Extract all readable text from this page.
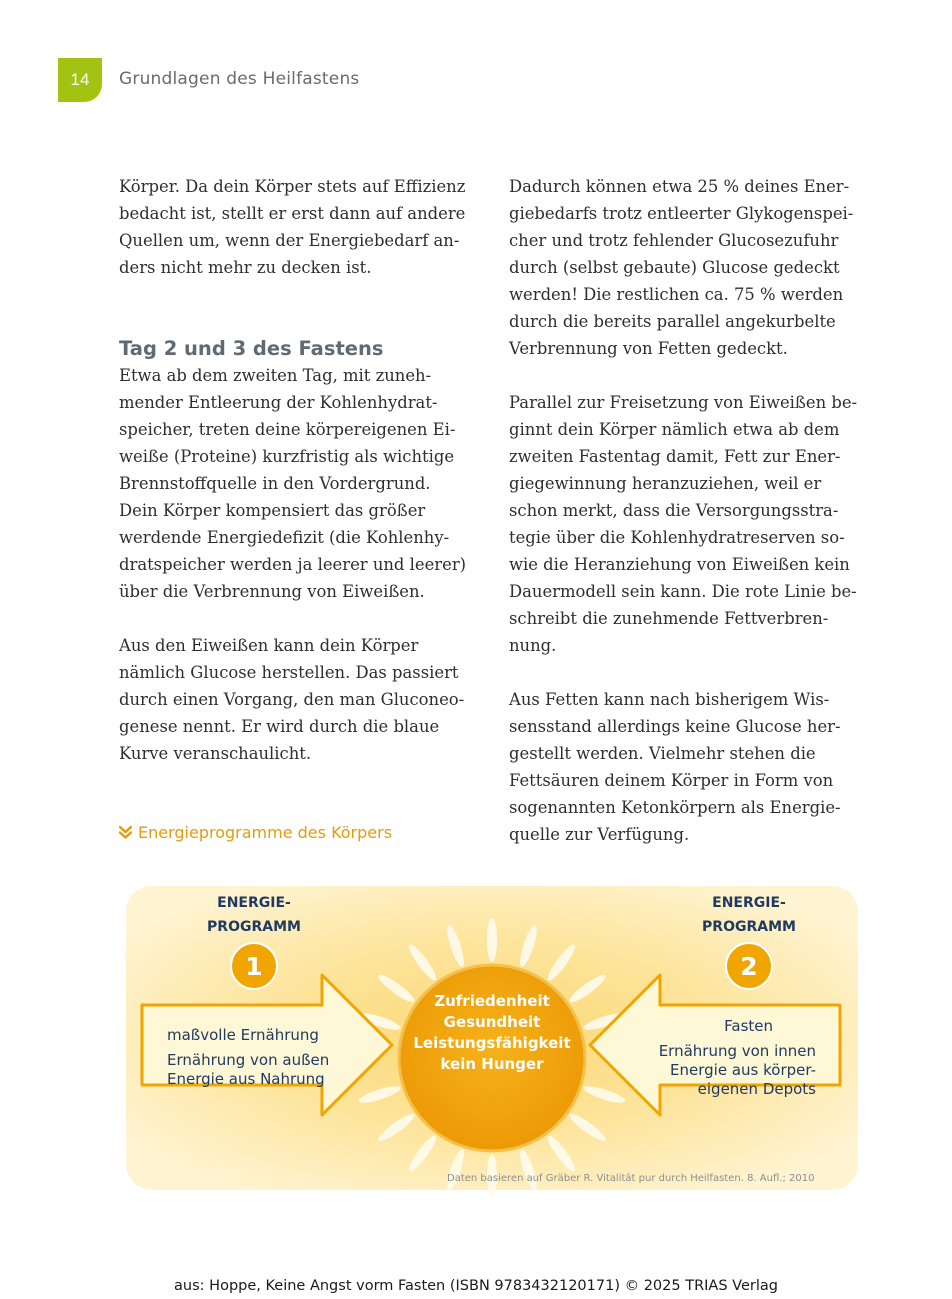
14 Grundlagen des Heilfastens

Körper. Da dein Körper stets auf Effizienz

bedacht ist, stellt er erst dann auf andere

Quellen um, wenn der Energiebedarf an-

ders nicht mehr zu decken ist.

Tag 2 und 3 des Fastens

Etwa ab dem zweiten Tag, mit zuneh-

mender Entleerung der Kohlenhydrat-

speicher, treten deine körpereigenen Ei-

weiße (Proteine) kurzfristig als wichtige

Brennstoffquelle in den Vordergrund.

Dein Körper kompensiert das größer

werdende Energiedefizit (die Kohlenhy-

dratspeicher werden ja leerer und leerer)

über die Verbrennung von Eiweißen.

Aus den Eiweißen kann dein Körper

nämlich Glucose herstellen. Das passiert

durch einen Vorgang, den man Gluconeo-

genese nennt. Er wird durch die blaue

Kurve veranschaulicht.

Dadurch können etwa 25 % deines Ener-

giebedarfs trotz entleerter Glykogenspei-

cher und trotz fehlender Glucosezufuhr

durch (selbst gebaute) Glucose gedeckt

werden! Die restlichen ca. 75 % werden

durch die bereits parallel angekurbelte

Verbrennung von Fetten gedeckt.

Parallel zur Freisetzung von Eiweißen be-

ginnt dein Körper nämlich etwa ab dem

zweiten Fastentag damit, Fett zur Ener-

giegewinnung heranzuziehen, weil er

schon merkt, dass die Versorgungsstra-

tegie über die Kohlenhydratreserven so-

wie die Heranziehung von Eiweißen kein

Dauermodell sein kann. Die rote Linie be-

schreibt die zunehmende Fettverbren-

nung.

Aus Fetten kann nach bisherigem Wis-

sensstand allerdings keine Glucose her-

gestellt werden. Vielmehr stehen die

Fettsäuren deinem Körper in Form von

sogenannten Ketonkörpern als Energie-

quelle zur Verfügung.

Energieprogramme des Körpers
ENERGIE-
PROGRAMM
ENERGIE-
PROGRAMM
1	2
maßvolle Ernährung
Ernährung von außen
Energie aus Nahrung
Fasten
Ernährung von innen
Energie aus körper-
eigenen Depots
Zufriedenheit
Gesundheit
Leistungsfähigkeit
kein Hunger
Daten basieren auf Gräber R. Vitalität pur durch Heilfasten. 8. Aufl.; 2010
aus: Hoppe, Keine Angst vorm Fasten (ISBN 9783432120171) © 2025 TRIAS Verlag
